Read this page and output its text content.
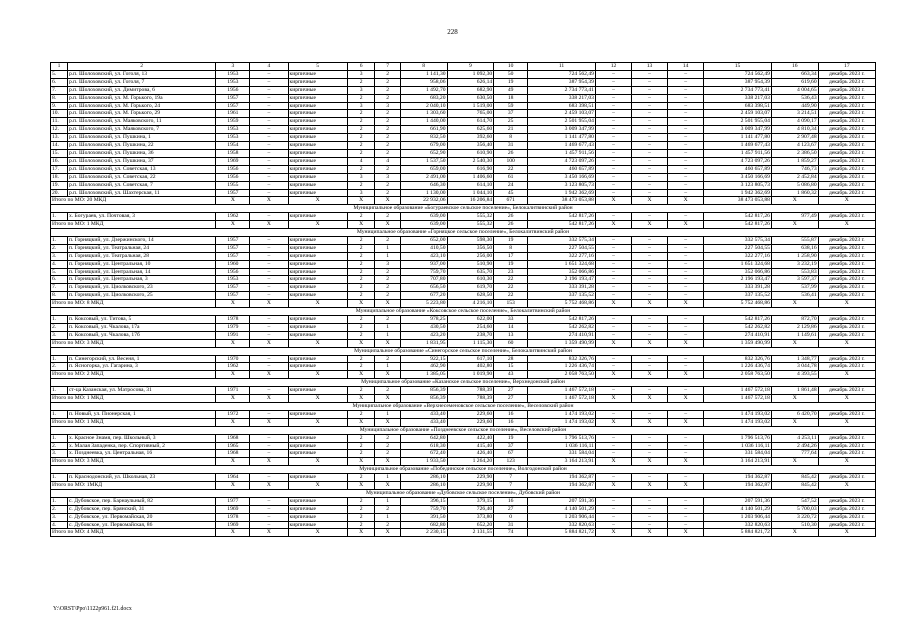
228
1	2	3	4	5	6	7	8	9	10	11	12	13	14	15	16	17
5.	р.п. Шолоховский, ул. Гоголя, 13	1953	–	кирпичные	3	2	1 141,30	1 092,30	50	724 562,49	–	–	–	724 562,49	663,34	декабрь 2023 г.
6.	р.п. Шолоховский, ул. Гоголя, 7	1953	–	кирпичные	2	2	958,06	626,14	19	387 954,39	–	–	–	387 954,39	619,60	декабрь 2023 г.
7.	р.п. Шолоховский, ул. Димитрова, 6	1956	–	кирпичные	3	2	1 492,70	682,90	49	2 734 773,41	–	–	–	2 734 773,41	4 004,65	декабрь 2023 г.
8.	р.п. Шолоховский, ул. М. Горького, 19а	1957	–	кирпичные	2	2	683,20	630,50	18	338 217,03	–	–	–	338 217,03	536,43	декабрь 2023 г.
9.	р.п. Шолоховский, ул. М. Горького, 24	1957	–	кирпичные	3	3	2 040,10	1 519,00	59	683 398,51	–	–	–	683 398,51	449,90	декабрь 2023 г.
10.	р.п. Шолоховский, ул. М. Горького, 29	1961	–	кирпичные	2	2	1 303,60	765,00	37	2 459 103,07	–	–	–	2 459 103,07	3 214,51	декабрь 2023 г.
11.	р.п. Шолоховский, ул. Маяковского, 11	1959	–	кирпичные	2	2	1 440,00	614,70	25	2 501 955,04	–	–	–	2 501 955,04	4 090,17	декабрь 2023 г.
12.	р.п. Шолоховский, ул. Маяковского, 7	1953	–	кирпичные	2	2	661,90	625,60	21	3 009 347,99	–	–	–	3 009 347,99	4 810,34	декабрь 2023 г.
13.	р.п. Шолоховский, ул. Пушкина, 1	1953	–	кирпичные	2	2	832,50	392,60	8	1 141 477,80	–	–	–	1 141 477,80	2 907,48	декабрь 2023 г.
14.	р.п. Шолоховский, ул. Пушкина, 22	1954	–	кирпичные	2	2	679,00	356,40	31	1 469 677,43	–	–	–	1 469 677,43	4 123,67	декабрь 2023 г.
15.	р.п. Шолоховский, ул. Пушкина, 36	1958	–	кирпичные	2	2	652,90	610,90	26	1 457 911,56	–	–	–	1 457 911,56	2 386,50	декабрь 2023 г.
16.	р.п. Шолоховский, ул. Пушкина, 37	1969	–	кирпичные	4	4	1 537,50	2 540,30	100	4 723 097,26	–	–	–	4 723 097,26	1 859,27	декабрь 2023 г.
17.	р.п. Шолоховский, ул. Советская, 13	1956	–	кирпичные	2	2	659,00	616,90	22	460 657,89	–	–	–	460 657,89	746,73	декабрь 2023 г.
18.	р.п. Шолоховский, ул. Советская, 22	1956	–	кирпичные	3	3	2 491,00	1 406,60	61	3 450 166,69	–	–	–	3 450 166,69	2 452,84	декабрь 2023 г.
19.	р.п. Шолоховский, ул. Советская, 7	1955	–	кирпичные	2	2	646,30	614,10	24	3 123 805,73	–	–	–	3 123 805,73	5 086,80	декабрь 2023 г.
20.	р.п. Шолоховский, ул. Шахтерская, 11	1957	–	кирпичные	3	2	1 130,00	1 044,10	45	1 942 362,69	–	–	–	1 942 362,69	1 860,32	декабрь 2023 г.
Итого по МО: 20 МКД		X	X	X	X	X	22 932,06	16 206,84	671	38 473 053,88	X	X	X	38 473 053,88	X	X
Муниципальное образование «Богураевское сельское поселение», Белокалитвинский район																
1.	х. Богураев, ул. Почтовая, 3	1962	–	кирпичные	2	2	639,00	555,32	26	542 817,26	–	–	–	542 817,26	977,49	декабрь 2023 г.
Итого по МО: 1 МКД		X	X	X	X	X	639,00	555,32	26	542 817,26	X	X	X	542 817,26	X	X
Муниципальное образование «Горняцкое сельское поселение», Белокалитвинский район																
1.	п. Горняцкий, ул. Дзержинского, 14	1957	–	кирпичные	2	2	652,00	598,30	19	332 575,34	–	–	–	332 575,34	555,87	декабрь 2023 г.
2.	п. Горняцкий, ул. Театральная, 24	1957	–	кирпичные	2	1	410,50	356,50	8	227 504,55	–	–	–	227 504,55	638,16	декабрь 2023 г.
3.	п. Горняцкий, ул. Театральная, 28	1957	–	кирпичные	2	1	423,10	256,00	17	322 277,16	–	–	–	322 277,16	1 258,90	декабрь 2023 г.
4.	п. Горняцкий, ул. Центральная, 10	1960	–	кирпичные	2	3	937,00	510,90	19	1 651 324,68	–	–	–	1 651 324,68	3 232,19	декабрь 2023 г.
5.	п. Горняцкий, ул. Центральная, 14	1956	–	кирпичные	2	2	759,70	635,70	23	352 066,86	–	–	–	352 066,86	553,83	декабрь 2023 г.
6.	п. Горняцкий, ул. Центральная, 3	1953	–	кирпичные	2	2	707,80	610,30	22	2 196 193,47	–	–	–	2 196 193,47	3 597,37	декабрь 2023 г.
7.	п. Горняцкий, ул. Циолковского, 23	1957	–	кирпичные	2	2	656,50	619,70	22	333 391,28	–	–	–	333 391,28	537,99	декабрь 2023 г.
8.	п. Горняцкий, ул. Циолковского, 25	1957	–	кирпичные	2	2	677,20	628,50	22	337 135,52	–	–	–	337 135,52	536,41	декабрь 2023 г.
Итого по МО: 8 МКД		X	X	X	X	X	5 223,80	4 216,10	153	5 752 468,86	X	X	X	5 752 468,86	X	X
Муниципальное образование «Коксовское сельское поселение», Белокалитвинский район																
1.	п. Коксовый, ул. Титова, 5	1978	–	кирпичные	2	2	978,25	622,00	33	542 817,26	–	–	–	542 817,26	872,70	декабрь 2023 г.
2.	п. Коксовый, ул. Чкалова, 17а	1979	–	кирпичные	2	1	430,50	254,60	14	542 262,82	–	–	–	542 262,82	2 129,86	декабрь 2023 г.
3.	п. Коксовый, ул. Чкалова, 17б	1991	–	кирпичные	2	1	423,20	238,70	13	274 410,91	–	–	–	274 410,91	1 149,61	декабрь 2023 г.
Итого по МО: 3 МКД		X	X	X	X	X	1 831,95	1 115,30	60	1 359 490,99	X	X	X	1 359 490,99	X	X
Муниципальное образование «Синегорское сельское поселение», Белокалитвинский район																
1.	п. Синегорский, ул. Весеня, 1	1970	–	кирпичные	2	2	922,15	617,10	28	832 326,76	–	–	–	832 326,76	1 348,77	декабрь 2023 г.
2.	п. Ясногорка, ул. Гагарина, 3	1962	–	кирпичные	2	1	462,90	402,80	15	1 226 436,74	–	–	–	1 226 436,74	3 044,78	декабрь 2023 г.
Итого по МО: 2 МКД		X	X	X	X	X	1 385,05	1 019,90	43	2 058 763,50	X	X	X	2 058 763,50	4 393,55	X
Муниципальное образование «Казанское сельское поселение», Верхнедонской район																
1.	ст-ца Казанская, ул. Матросова, 31	1971	–	кирпичные	2	2	856,39	788,39	27	1 467 572,18	–	–	–	1 467 572,18	1 861,48	декабрь 2023 г.
Итого по МО: 1 МКД		X	X	X	X	X	856,39	788,39	27	1 467 572,18	X	X	X	1 467 572,18	X	X
Муниципальное образование «Верхнесеменовское сельское поселение», Веселовский район																
1.	п. Новый, ул. Пионерская, 1	1972	–	кирпичные	2	1	433,40	229,60	16	1 474 193,02	–	–	–	1 474 193,02	6 420,70	декабрь 2023 г.
Итого по МО: 1 МКД		X	X	X	X	X	433,40	229,60	16	1 474 193,02	X	X	X	1 474 193,02	X	X
Муниципальное образование «Позднеевское сельское поселение», Веселовский район																
1.	х. Красное Знамя, пер. Школьный, 3	1968	–	кирпичные	2	2	642,80	422,40	19	1 796 513,76	–	–	–	1 796 513,76	4 253,11	декабрь 2023 г.
2.	х. Малая Западенка, пер. Спортивный, 2	1965	–	кирпичные	2	2	618,30	415,40	37	1 036 116,11	–	–	–	1 036 116,11	2 494,26	декабрь 2023 г.
3.	х. Позднеевка, ул. Центральная, 16	1968	–	кирпичные	2	2	672,40	426,40	67	331 584,04	–	–	–	331 584,04	777,64	декабрь 2023 г.
Итого по МО: 3 МКД		X	X	X	X	X	1 933,50	1 264,20	123	3 164 213,91	X	X	X	3 164 213,91	X	X
Муниципальное образование «Побединское сельское поселение», Волгодонской район																
1.	п. Краснодонский, ул. Школьная, 23	1964	–	кирпичные	2	1	286,10	229,90	7	194 362,87	–	–	–	194 362,87	845,42	декабрь 2023 г.
Итого по МО: 1МКД		X	X	X	X	X	286,10	229,90	7	194 362,87	X	X	X	194 362,87	845,42	X
Муниципальное образование «Дубовское сельское поселение», Дубовский район																
1.	с. Дубовское, пер. Барнаульный, 82	1977	–	кирпичные	2	1	396,15	379,15	16	207 591,36	–	–	–	207 591,36	547,52	декабрь 2023 г.
2.	с. Дубовское, пер. Брянский, 31	1969	–	кирпичные	2	2	759,70	726,40	27	4 140 501,29	–	–	–	4 140 501,29	5 700,03	декабрь 2023 г.
3.	с. Дубовское, ул. Первомайская, 20	1978	–	кирпичные	2	1	391,50	373,80	0	1 203 906,44	–	–	–	1 203 906,44	3 220,72	декабрь 2023 г.
4.	с. Дубовское, ул. Первомайская, 86	1969	–	кирпичные	2	2	682,80	652,20	31	332 820,63	–	–	–	332 820,63	510,30	декабрь 2023 г.
Итого по МО: 4 МКД		X	X	X	X	X	2 230,15	2 131,55	74	5 884 821,72	X	X	X	5 884 821,72	X	X
Y:\ORST\Ppo\1122p961.f21.docx
